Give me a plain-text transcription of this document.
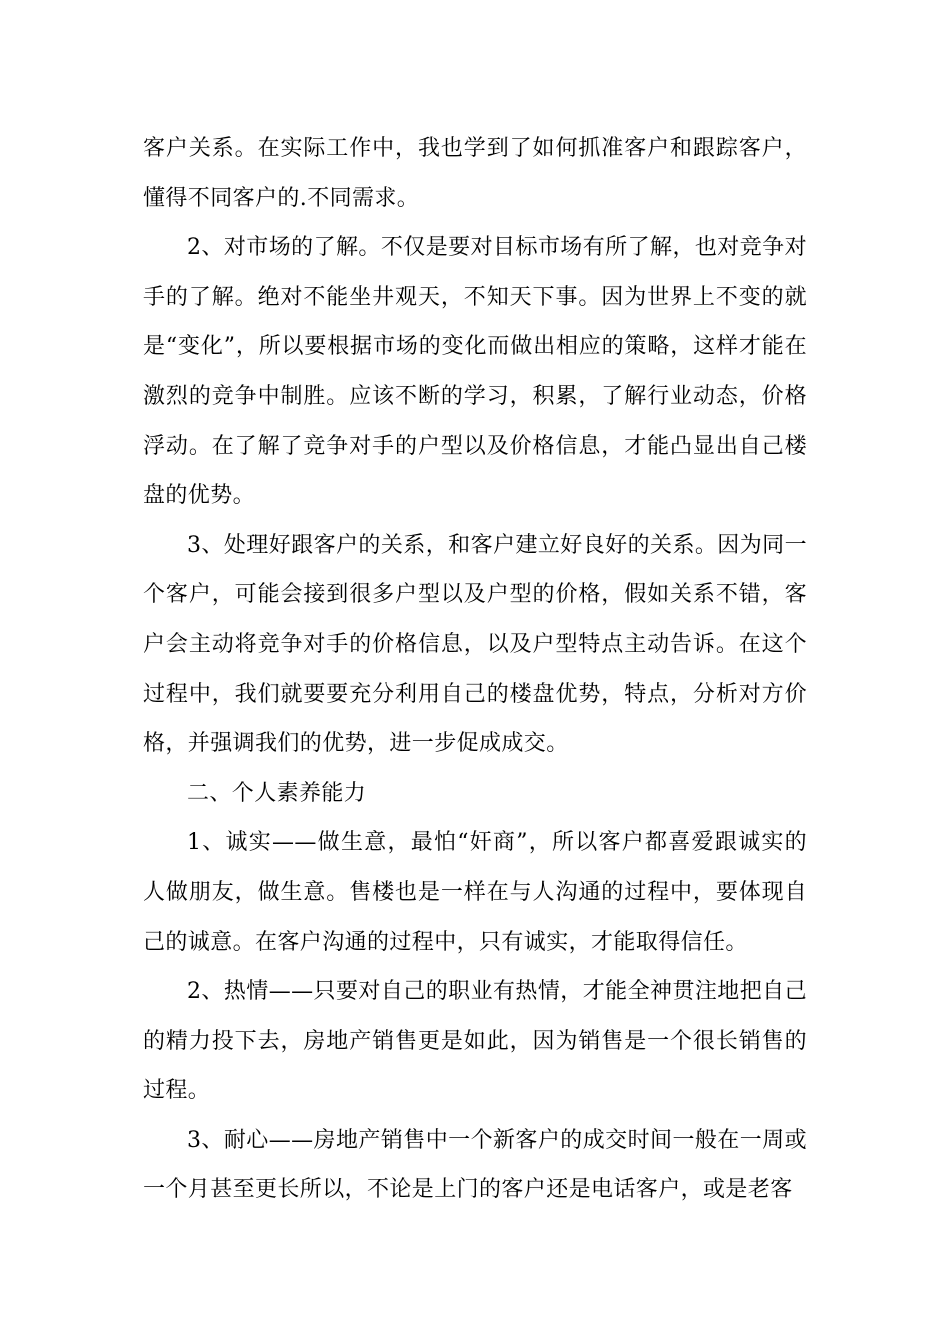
客户关系。在实际工作中，我也学到了如何抓准客户和跟踪客户，懂得不同客户的.不同需求。

2、对市场的了解。不仅是要对目标市场有所了解，也对竞争对手的了解。绝对不能坐井观天，不知天下事。因为世界上不变的就是“变化”，所以要根据市场的变化而做出相应的策略，这样才能在激烈的竞争中制胜。应该不断的学习，积累，了解行业动态，价格浮动。在了解了竞争对手的户型以及价格信息，才能凸显出自己楼盘的优势。

3、处理好跟客户的关系，和客户建立好良好的关系。因为同一个客户，可能会接到很多户型以及户型的价格，假如关系不错，客户会主动将竞争对手的价格信息，以及户型特点主动告诉。在这个过程中，我们就要要充分利用自己的楼盘优势，特点，分析对方价格，并强调我们的优势，进一步促成成交。

二、个人素养能力

1、诚实——做生意，最怕“奸商”，所以客户都喜爱跟诚实的人做朋友，做生意。售楼也是一样在与人沟通的过程中，要体现自己的诚意。在客户沟通的过程中，只有诚实，才能取得信任。

2、热情——只要对自己的职业有热情，才能全神贯注地把自己的精力投下去，房地产销售更是如此，因为销售是一个很长销售的过程。

3、耐心——房地产销售中一个新客户的成交时间一般在一周或一个月甚至更长所以，不论是上门的客户还是电话客户，或是老客
